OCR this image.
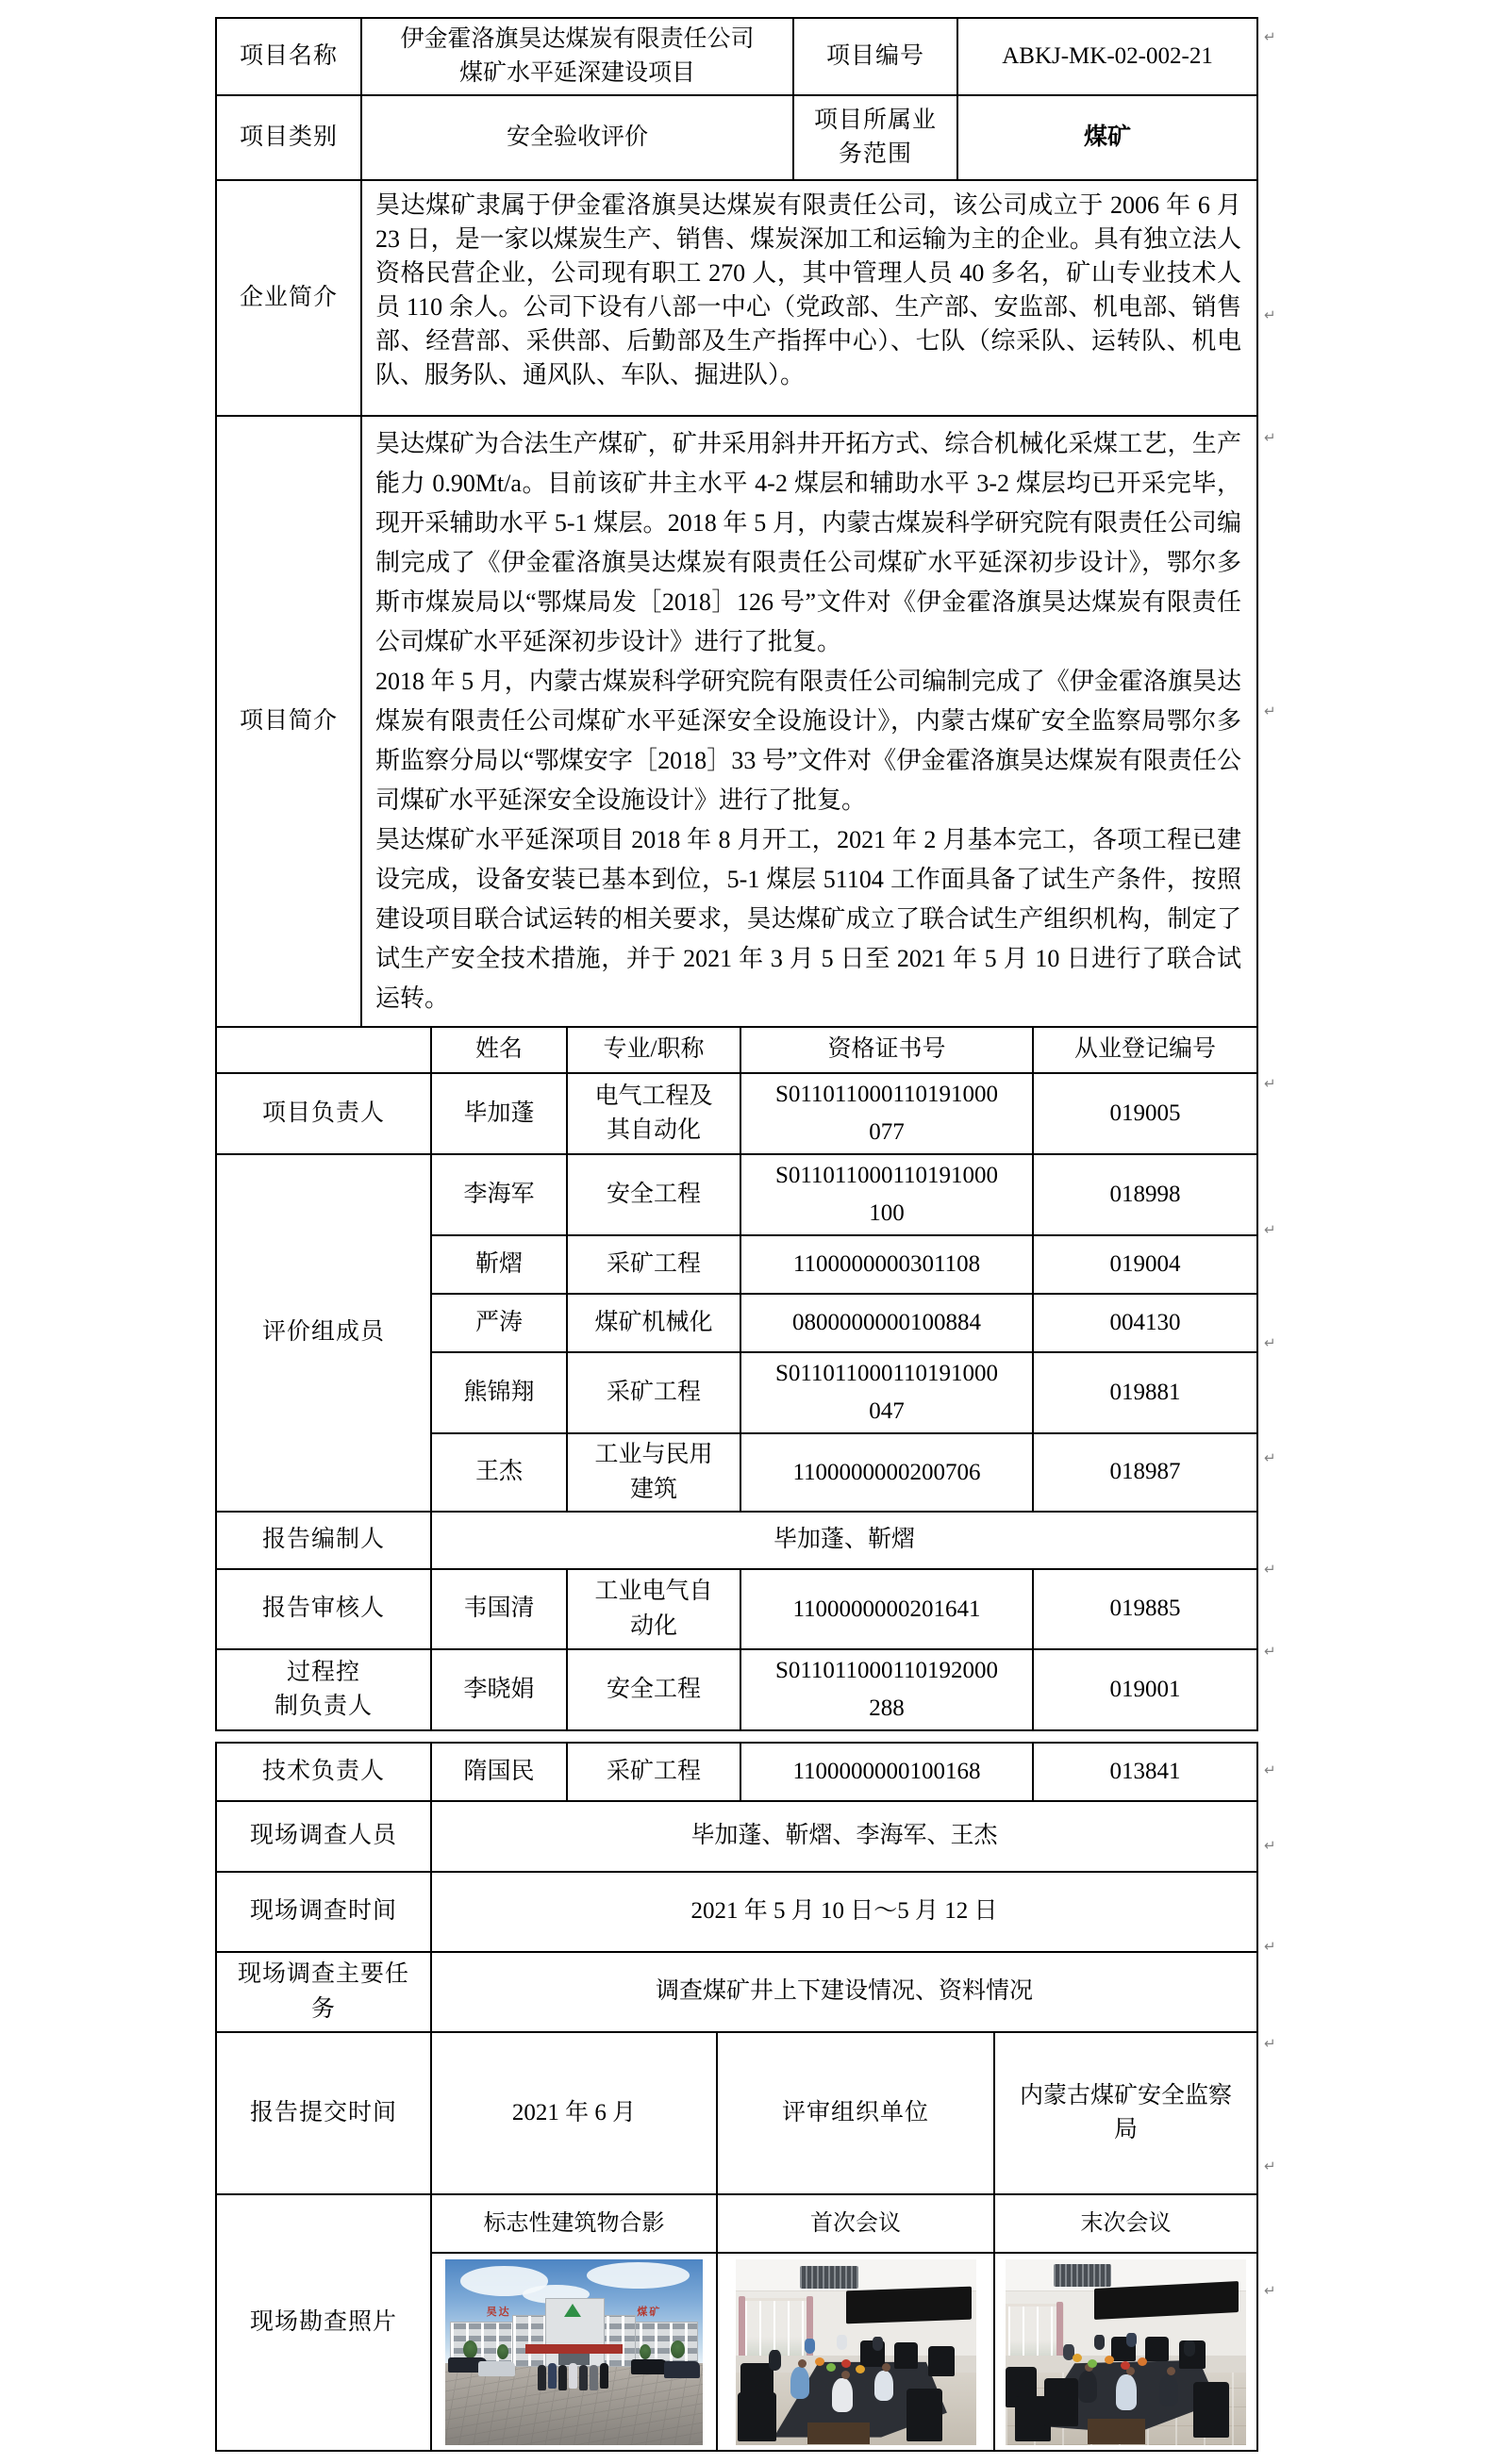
项目名称	伊金霍洛旗昊达煤炭有限责任公司
煤矿水平延深建设项目				项目编号	ABKJ-MK-02-002-21	
项目类别	安全验收评价				项目所属业
务范围	煤矿	
企业简介	昊达煤矿隶属于伊金霍洛旗昊达煤炭有限责任公司，该公司成立于 2006 年 6 月 23 日，是一家以煤炭生产、销售、煤炭深加工和运输为主的企业。具有独立法人资格民营企业，公司现有职工 270 人，其中管理人员 40 多名，矿山专业技术人员 110 余人。公司下设有八部一中心（党政部、生产部、安监部、机电部、销售部、经营部、采供部、后勤部及生产指挥中心）、七队（综采队、运转队、机电队、服务队、通风队、车队、掘进队）。						

项目简介	昊达煤矿为合法生产煤矿，矿井采用斜井开拓方式、综合机械化采煤工艺，生产能力 0.90Mt/a。目前该矿井主水平 4-2 煤层和辅助水平 3-2 煤层均已开采完毕，现开采辅助水平 5-1 煤层。2018 年 5 月，内蒙古煤炭科学研究院有限责任公司编制完成了《伊金霍洛旗昊达煤炭有限责任公司煤矿水平延深初步设计》，鄂尔多斯市煤炭局以“鄂煤局发［2018］126 号”文件对《伊金霍洛旗昊达煤炭有限责任公司煤矿水平延深初步设计》进行了批复。

2018 年 5 月，内蒙古煤炭科学研究院有限责任公司编制完成了《伊金霍洛旗昊达煤炭有限责任公司煤矿水平延深安全设施设计》，内蒙古煤矿安全监察局鄂尔多斯监察分局以“鄂煤安字［2018］33 号”文件对《伊金霍洛旗昊达煤炭有限责任公司煤矿水平延深安全设施设计》进行了批复。

昊达煤矿水平延深项目 2018 年 8 月开工，2021 年 2 月基本完工，各项工程已建设完成，设备安装已基本到位，5-1 煤层 51104 工作面具备了试生产条件，按照建设项目联合试运转的相关要求，昊达煤矿成立了联合试生产组织机构，制定了试生产安全技术措施，并于 2021 年 3 月 5 日至 2021 年 5 月 10 日进行了联合试运转。						

		姓名	专业/职称	资格证书号			从业登记编号
项目负责人		毕加蓬	电气工程及
其自动化	S011011000110191000077			019005
评价组成员		李海军	安全工程	S011011000110191000100			018998
		靳熠	采矿工程	1100000000301108			019004
		严涛	煤矿机械化	0800000000100884			004130
		熊锦翔	采矿工程	S011011000110191000047			019881
		王杰	工业与民用
建筑	1100000000200706			018987
报告编制人		毕加蓬、靳熠					
报告审核人		韦国清	工业电气自
动化	1100000000201641			019885

过程控
制负责人		李晓娟	安全工程	S011011000110192000288			019001
技术负责人	隋国民	采矿工程		1100000000100168		013841
现场调查人员	毕加蓬、靳熠、李海军、王杰					
现场调查时间	2021 年 5 月 10 日～5 月 12 日					

现场调查主要任
务	调查煤矿井上下建设情况、资料情况					
报告提交时间	2021 年 6 月		评审组织单位		内蒙古煤矿安全监察
局	

现场勘查照片	标志性建筑物合影		首次会议		末次会议	

	昊达 煤矿					

↵
↵
↵
↵
↵
↵
↵
↵
↵
↵
↵
↵
↵
↵
↵
↵
